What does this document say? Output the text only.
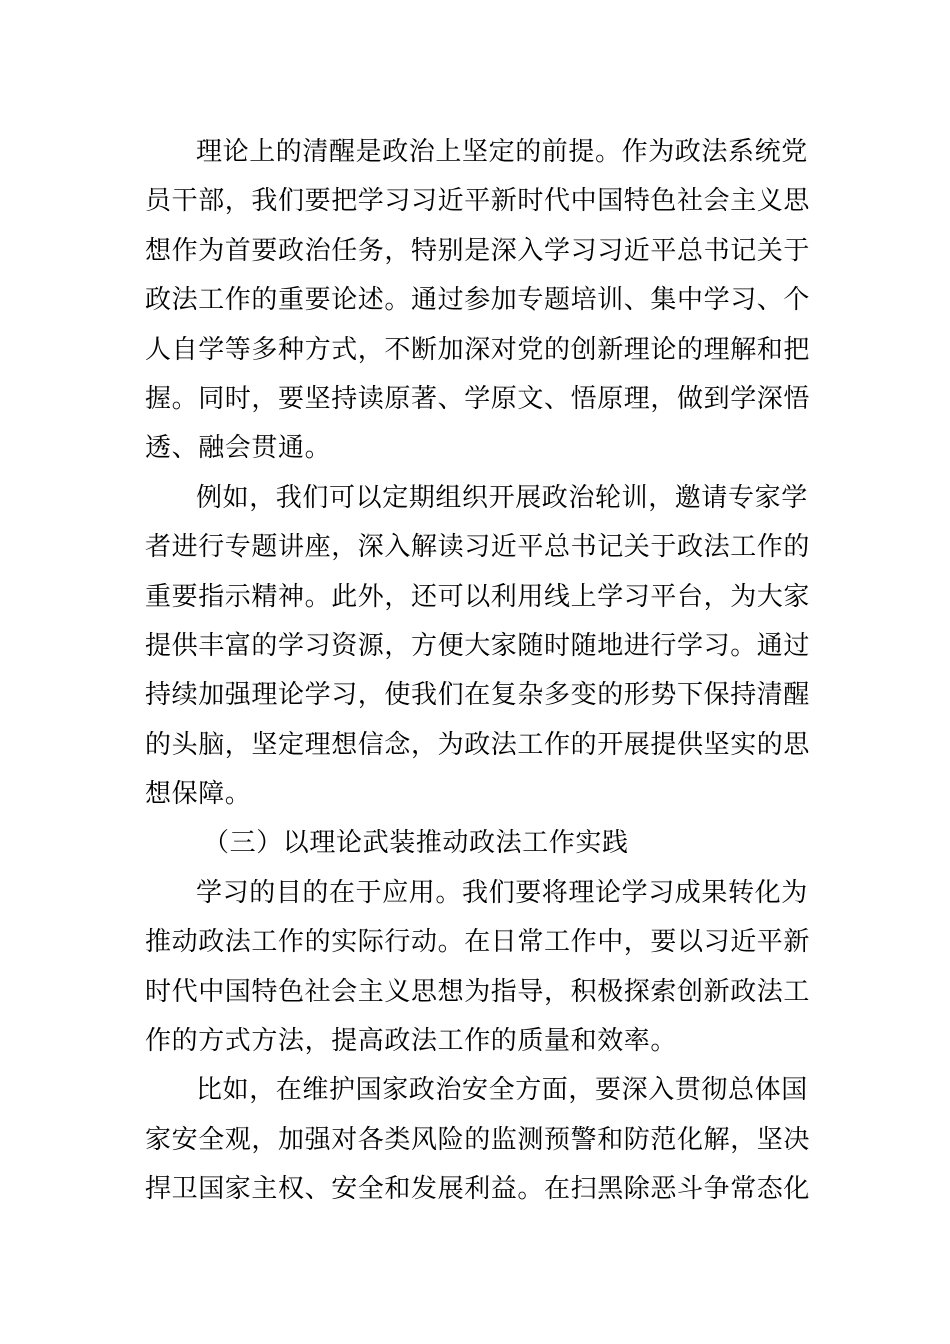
理论上的清醒是政治上坚定的前提。作为政法系统党
员干部，我们要把学习习近平新时代中国特色社会主义思
想作为首要政治任务，特别是深入学习习近平总书记关于
政法工作的重要论述。通过参加专题培训、集中学习、个
人自学等多种方式，不断加深对党的创新理论的理解和把
握。同时，要坚持读原著、学原文、悟原理，做到学深悟
透、融会贯通。
例如，我们可以定期组织开展政治轮训，邀请专家学
者进行专题讲座，深入解读习近平总书记关于政法工作的
重要指示精神。此外，还可以利用线上学习平台，为大家
提供丰富的学习资源，方便大家随时随地进行学习。通过
持续加强理论学习，使我们在复杂多变的形势下保持清醒
的头脑，坚定理想信念，为政法工作的开展提供坚实的思
想保障。
（三）以理论武装推动政法工作实践
学习的目的在于应用。我们要将理论学习成果转化为
推动政法工作的实际行动。在日常工作中，要以习近平新
时代中国特色社会主义思想为指导，积极探索创新政法工
作的方式方法，提高政法工作的质量和效率。
比如，在维护国家政治安全方面，要深入贯彻总体国
家安全观，加强对各类风险的监测预警和防范化解，坚决
捍卫国家主权、安全和发展利益。在扫黑除恶斗争常态化
